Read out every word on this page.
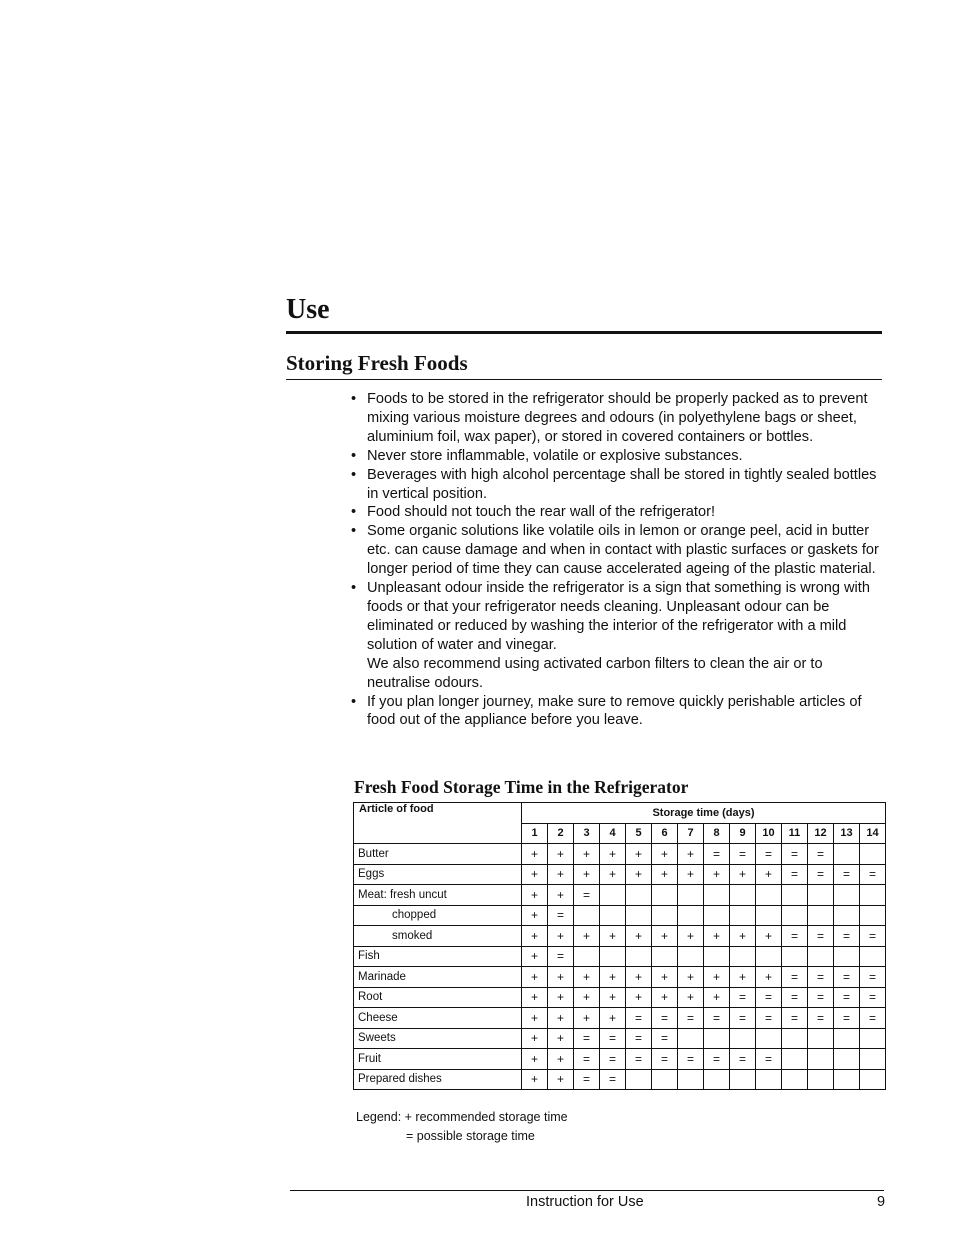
Use
Storing Fresh Foods
• Foods to be stored in the refrigerator should be properly packed as to prevent mixing various moisture degrees and odours (in polyethylene bags or sheet, aluminium foil, wax paper), or stored in covered containers or bottles.
• Never store inflammable, volatile or explosive substances.
• Beverages with high alcohol percentage shall be stored in tightly sealed bottles in vertical position.
• Food should not touch the rear wall of the refrigerator!
• Some organic solutions like volatile oils in lemon or orange peel, acid in butter etc. can cause damage and when in contact with plastic surfaces or gaskets for longer period of time they can cause accelerated ageing of the plastic material.
• Unpleasant odour inside the refrigerator is a sign that something is wrong with foods or that your refrigerator needs cleaning. Unpleasant odour can be eliminated or reduced by washing the interior of the refrigerator with a mild solution of water and vinegar.
We also recommend using activated carbon filters to clean the air or to neutralise odours.
• If you plan longer journey, make sure to remove quickly perishable articles of food out of the appliance before you leave.
Fresh Food Storage Time in the Refrigerator
Article of food	Storage time (days)													
	1	2	3	4	5	6	7	8	9	10	11	12	13	14
Butter	+	+	+	+	+	+	+	=	=	=	=	=		
Eggs	+	+	+	+	+	+	+	+	+	+	=	=	=	=
Meat: fresh uncut	+	+	=											
chopped	+	=												
smoked	+	+	+	+	+	+	+	+	+	+	=	=	=	=
Fish	+	=												
Marinade	+	+	+	+	+	+	+	+	+	+	=	=	=	=
Root	+	+	+	+	+	+	+	+	=	=	=	=	=	=
Cheese	+	+	+	+	=	=	=	=	=	=	=	=	=	=
Sweets	+	+	=	=	=	=								
Fruit	+	+	=	=	=	=	=	=	=	=				
Prepared dishes	+	+	=	=										
Legend: + recommended storage time
= possible storage time
Instruction for Use	9
